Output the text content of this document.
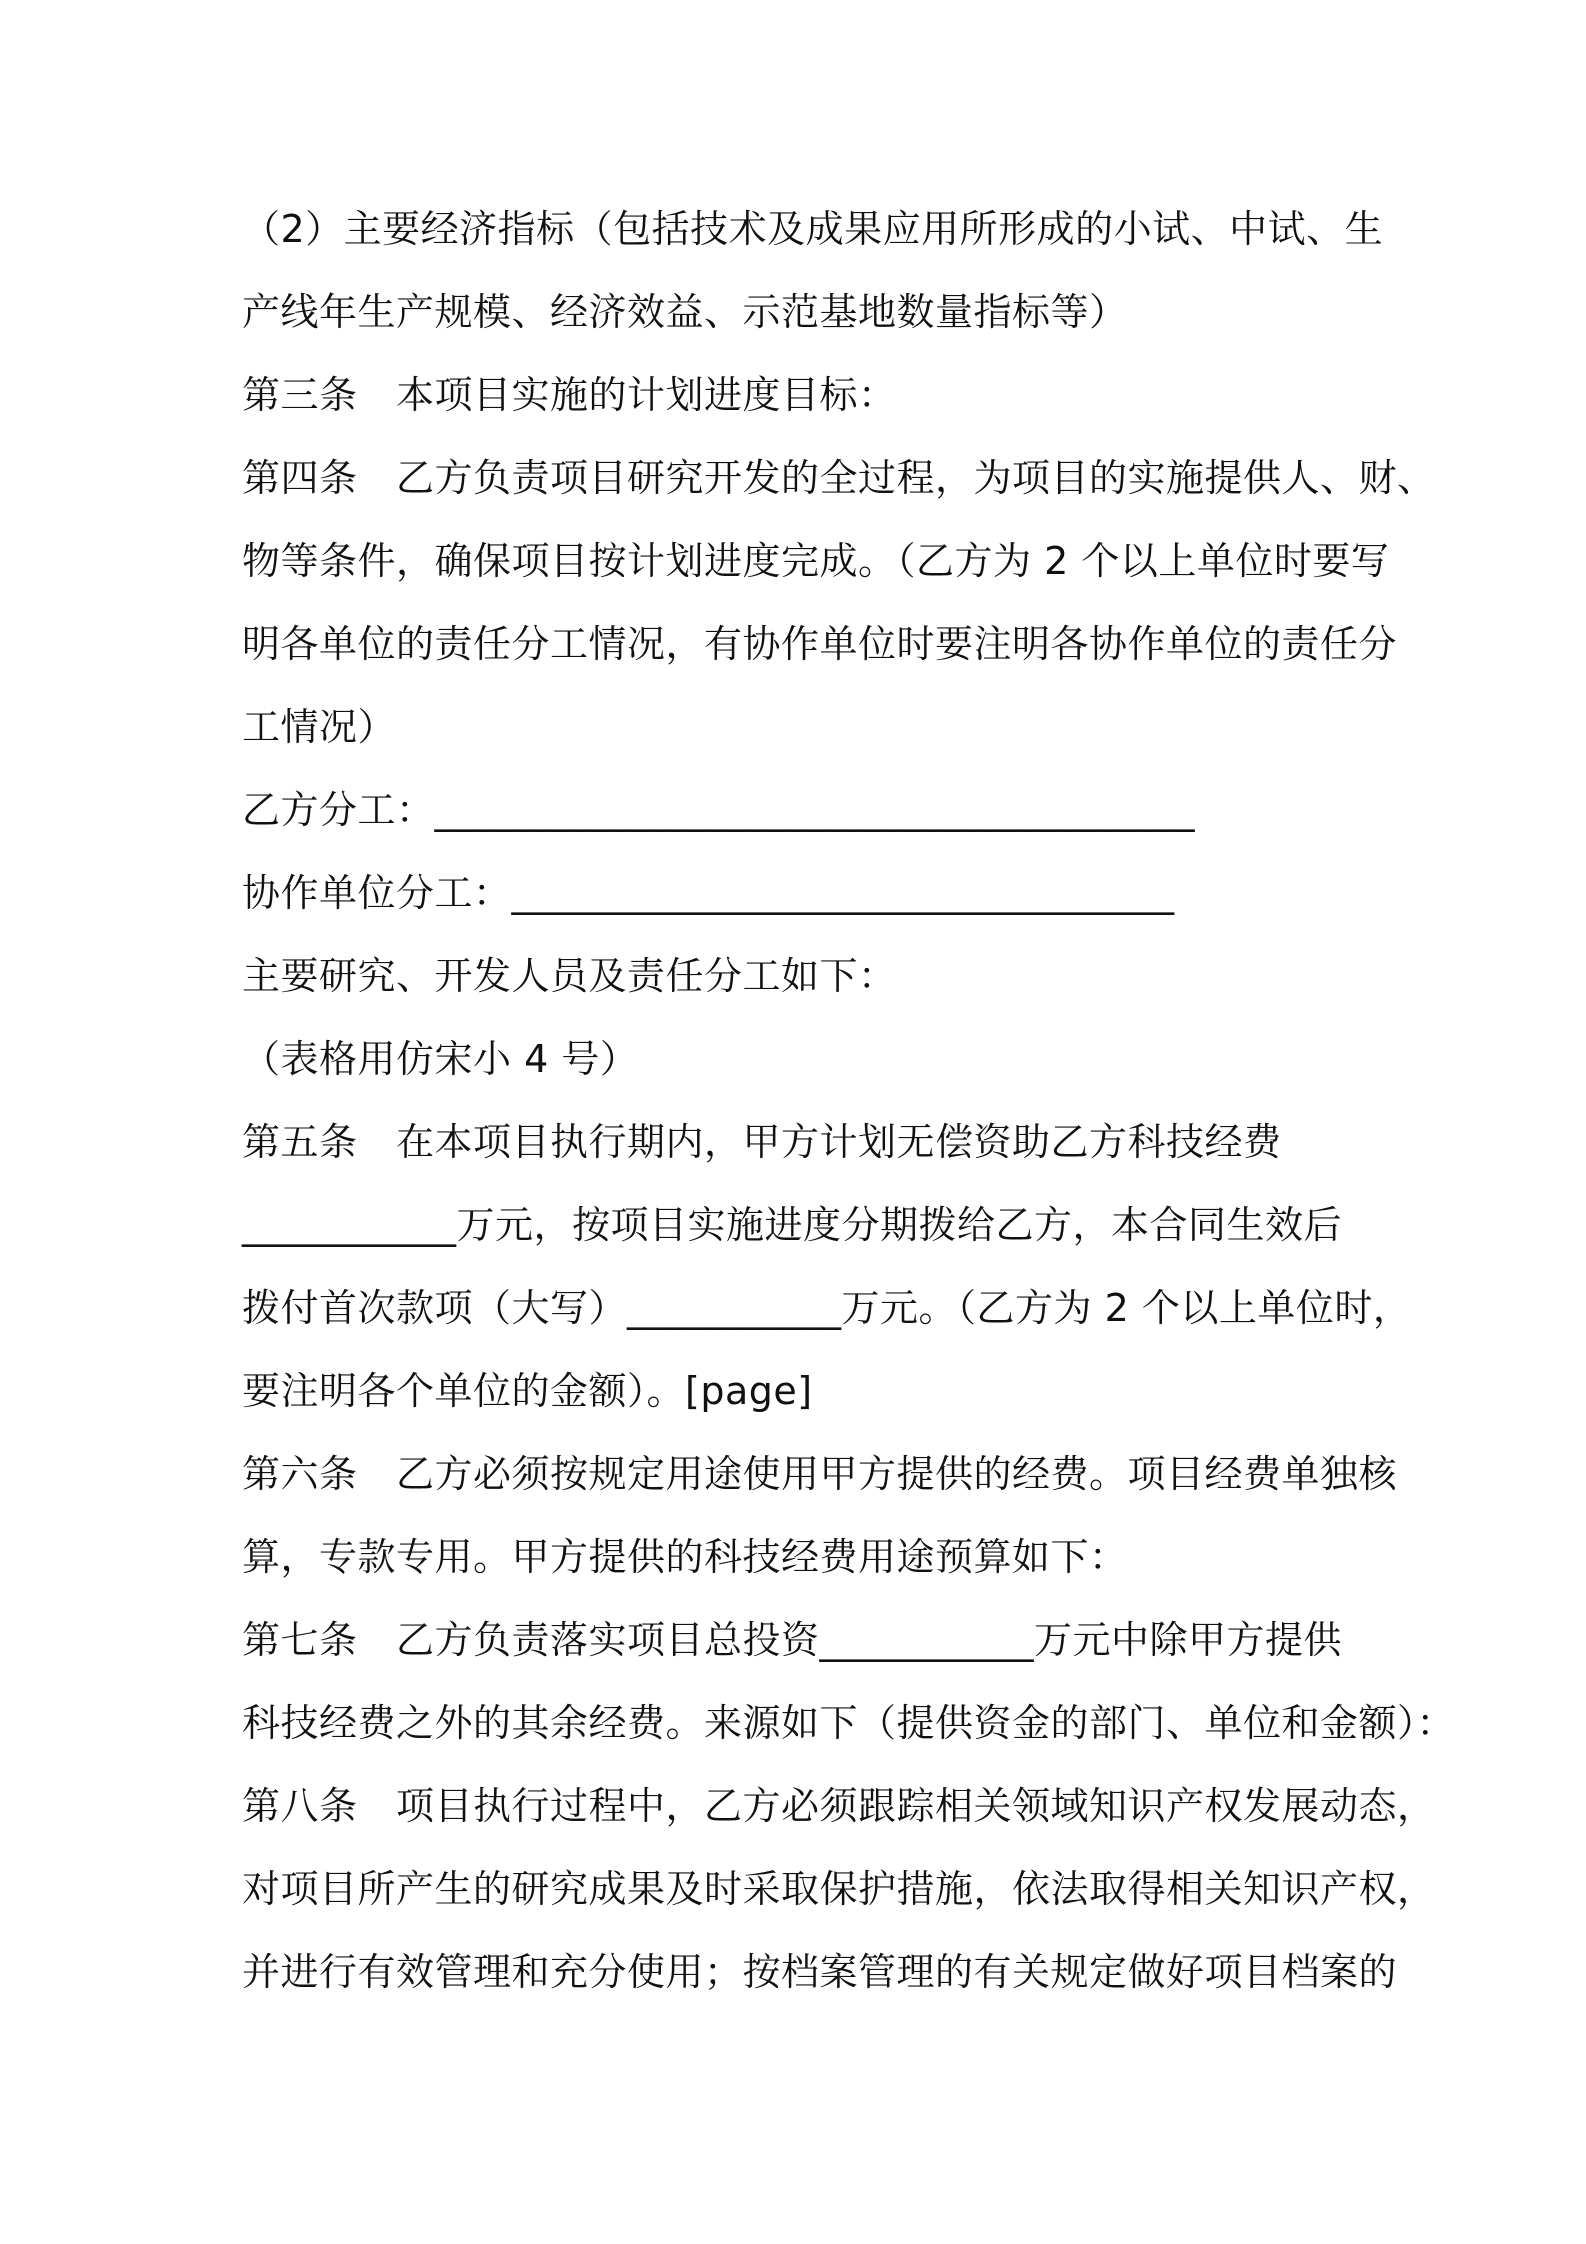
（2）主要经济指标（包括技术及成果应用所形成的小试、中试、生
产线年生产规模、经济效益、示范基地数量指标等）
第三条　本项目实施的计划进度目标：
第四条　乙方负责项目研究开发的全过程，为项目的实施提供人、财、
物等条件，确保项目按计划进度完成。（乙方为 2 个以上单位时要写
明各单位的责任分工情况，有协作单位时要注明各协作单位的责任分
工情况）
乙方分工：_______________________________________
协作单位分工：__________________________________
主要研究、开发人员及责任分工如下：
（表格用仿宋小 4 号）
第五条　在本项目执行期内，甲方计划无偿资助乙方科技经费
___________万元，按项目实施进度分期拨给乙方，本合同生效后
拨付首次款项（大写）___________万元。（乙方为 2 个以上单位时，
要注明各个单位的金额）。[page]
第六条　乙方必须按规定用途使用甲方提供的经费。项目经费单独核
算，专款专用。甲方提供的科技经费用途预算如下：
第七条　乙方负责落实项目总投资___________万元中除甲方提供
科技经费之外的其余经费。来源如下（提供资金的部门、单位和金额）：
第八条　项目执行过程中，乙方必须跟踪相关领域知识产权发展动态，
对项目所产生的研究成果及时采取保护措施，依法取得相关知识产权，
并进行有效管理和充分使用；按档案管理的有关规定做好项目档案的
